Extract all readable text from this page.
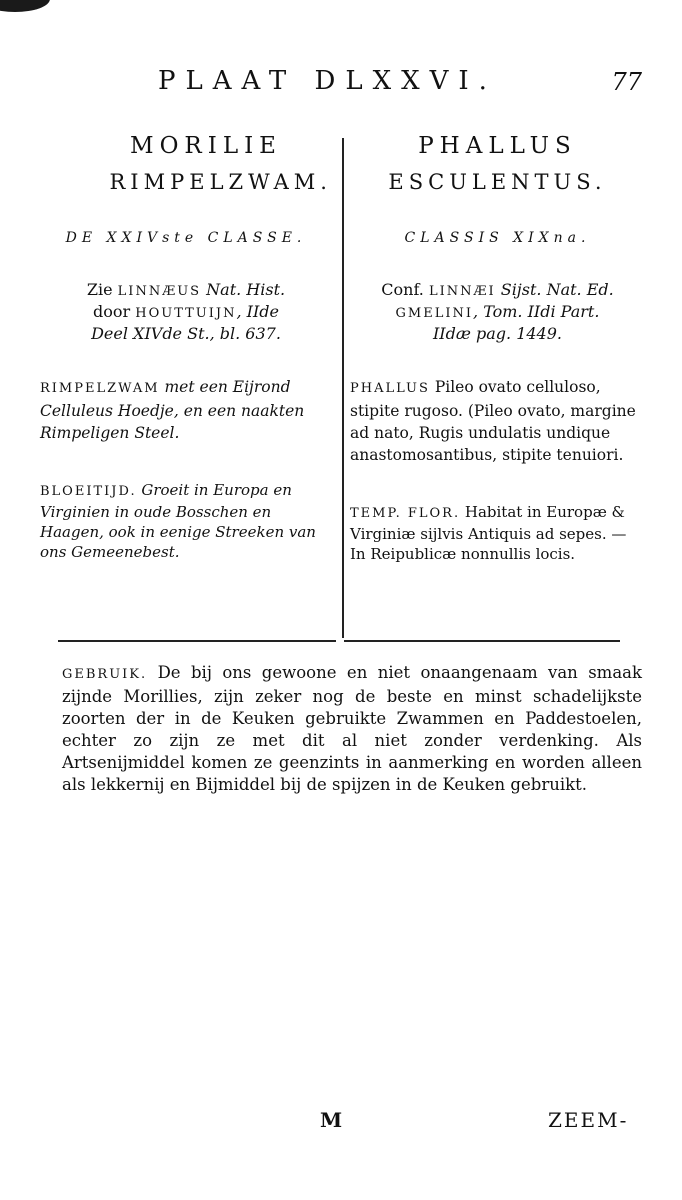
PLAAT DLXXVI.	77
MORILIE
RIMPELZWAM.
DE XXIVste CLASSE.
Zie LINNÆUS Nat. Hist.
door HOUTTUIJN, IIde
Deel XIVde St., bl. 637.
RIMPELZWAM met een Eijrond Celluleus Hoedje, en een naakten Rimpeligen Steel.
BLOEITIJD. Groeit in Europa en Virginien in oude Bosschen en Haagen, ook in eenige Streeken van ons Gemeenebest.
PHALLUS
ESCULENTUS.
CLASSIS XIXna.
Conf. LINNÆI Sijst. Nat. Ed.
GMELINI, Tom. IIdi Part.
IIdæ pag. 1449.
PHALLUS Pileo ovato celluloso, stipite rugoso. (Pileo ovato, margine ad nato, Rugis undulatis undique anastomosantibus, stipite tenuiori.
TEMP. FLOR. Habitat in Europæ & Virginiæ sijlvis Antiquis ad sepes. — In Reipublicæ nonnullis locis.
GEBRUIK. De bij ons gewoone en niet onaangenaam van smaak zijnde Morillies, zijn zeker nog de beste en minst schadelijkste zoorten der in de Keuken gebruikte Zwammen en Paddestoelen, echter zo zijn ze met dit al niet zonder verdenking. Als Artsenijmiddel komen ze geenzints in aanmerking en worden alleen als lekkernij en Bijmiddel bij de spijzen in de Keuken gebruikt.
M	ZEEM-
